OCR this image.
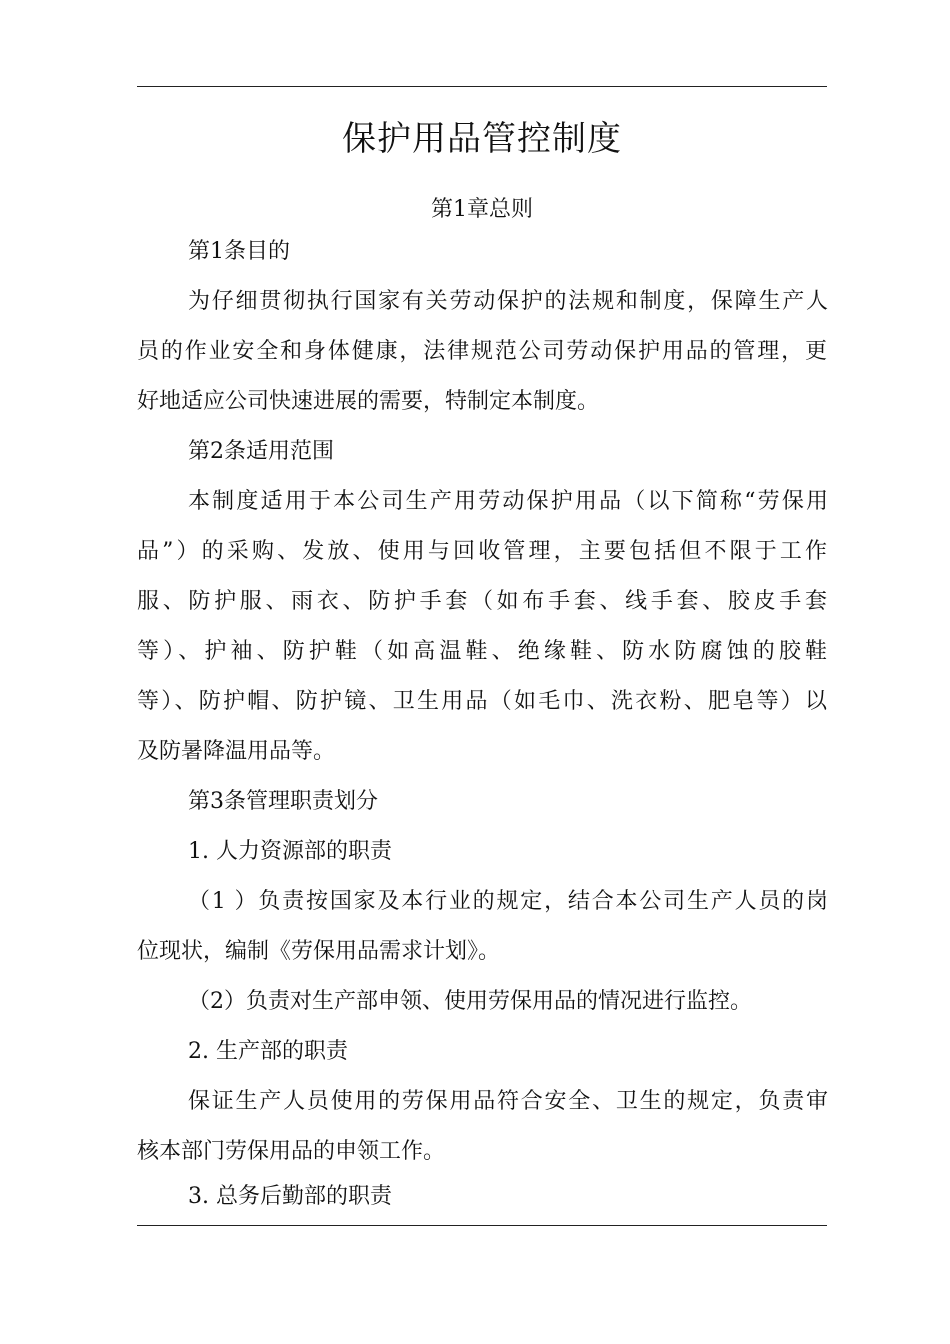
保护用品管控制度
第1章总则

第1条目的

为仔细贯彻执行国家有关劳动保护的法规和制度，保障生产人

员的作业安全和身体健康，法律规范公司劳动保护用品的管理，更

好地适应公司快速进展的需要，特制定本制度。

第2条适用范围

本制度适用于本公司生产用劳动保护用品（以下简称“劳保用

品”）的采购、发放、使用与回收管理，主要包括但不限于工作

服、防护服、雨衣、防护手套（如布手套、线手套、胶皮手套

等）、护袖、防护鞋（如高温鞋、绝缘鞋、防水防腐蚀的胶鞋

等）、防护帽、防护镜、卫生用品（如毛巾、洗衣粉、肥皂等）以

及防暑降温用品等。

第3条管理职责划分

1. 人力资源部的职责

（1 ）负责按国家及本行业的规定，结合本公司生产人员的岗

位现状，编制《劳保用品需求计划》。

（2）负责对生产部申领、使用劳保用品的情况进行监控。

2. 生产部的职责

保证生产人员使用的劳保用品符合安全、卫生的规定，负责审

核本部门劳保用品的申领工作。

3. 总务后勤部的职责
